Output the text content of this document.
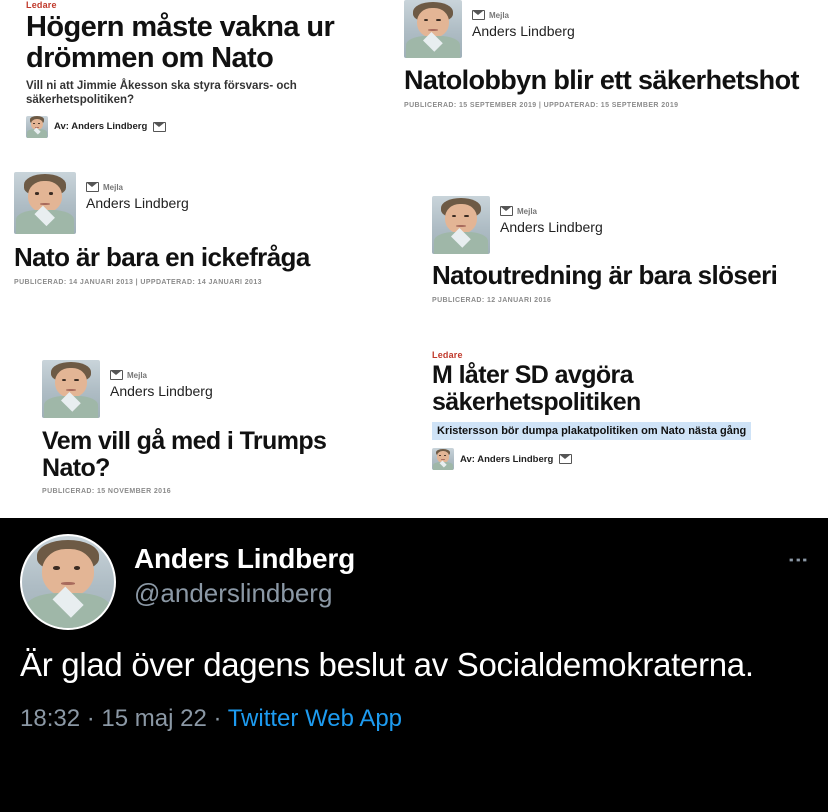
Ledare
Högern måste vakna ur drömmen om Nato
Vill ni att Jimmie Åkesson ska styra försvars- och säkerhetspolitiken?
Av: Anders Lindberg
Mejla
Anders Lindberg
Natolobbyn blir ett säkerhetshot
PUBLICERAD: 15 SEPTEMBER 2019 | UPPDATERAD: 15 SEPTEMBER 2019
Mejla
Anders Lindberg
Nato är bara en ickefråga
PUBLICERAD: 14 JANUARI 2013 | UPPDATERAD: 14 JANUARI 2013
Mejla
Anders Lindberg
Natoutredning är bara slöseri
PUBLICERAD: 12 JANUARI 2016
Mejla
Anders Lindberg
Vem vill gå med i Trumps Nato?
PUBLICERAD: 15 NOVEMBER 2016
Ledare
M låter SD avgöra säkerhetspolitiken
Kristersson bör dumpa plakatpolitiken om Nato nästa gång
Av: Anders Lindberg
Anders Lindberg
@anderslindberg
⋮
Är glad över dagens beslut av Socialdemokraterna.
18:32 · 15 maj 22 · Twitter Web App
